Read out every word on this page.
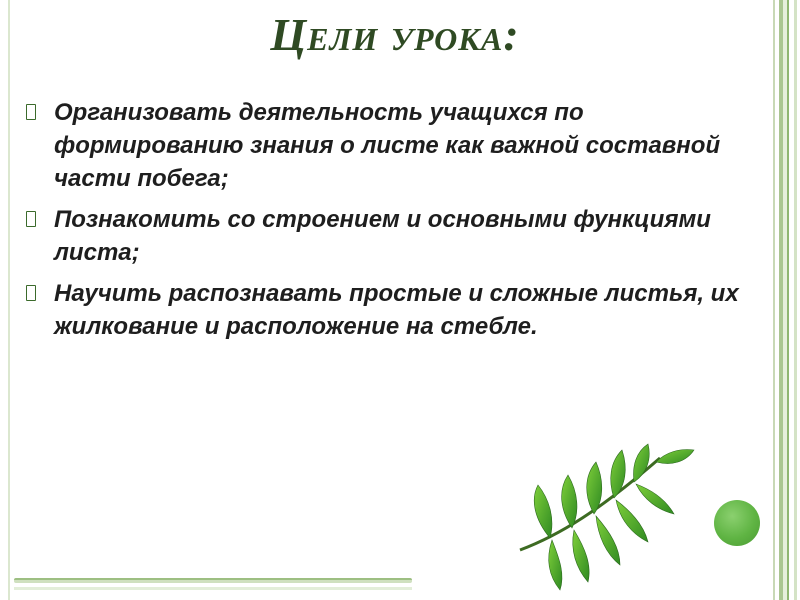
Цели урока:
Организовать деятельность учащихся по формированию знания о листе как важной составной части побега;
Познакомить со строением и основными функциями листа;
Научить распознавать простые и сложные листья, их жилкование и расположение на стебле.
